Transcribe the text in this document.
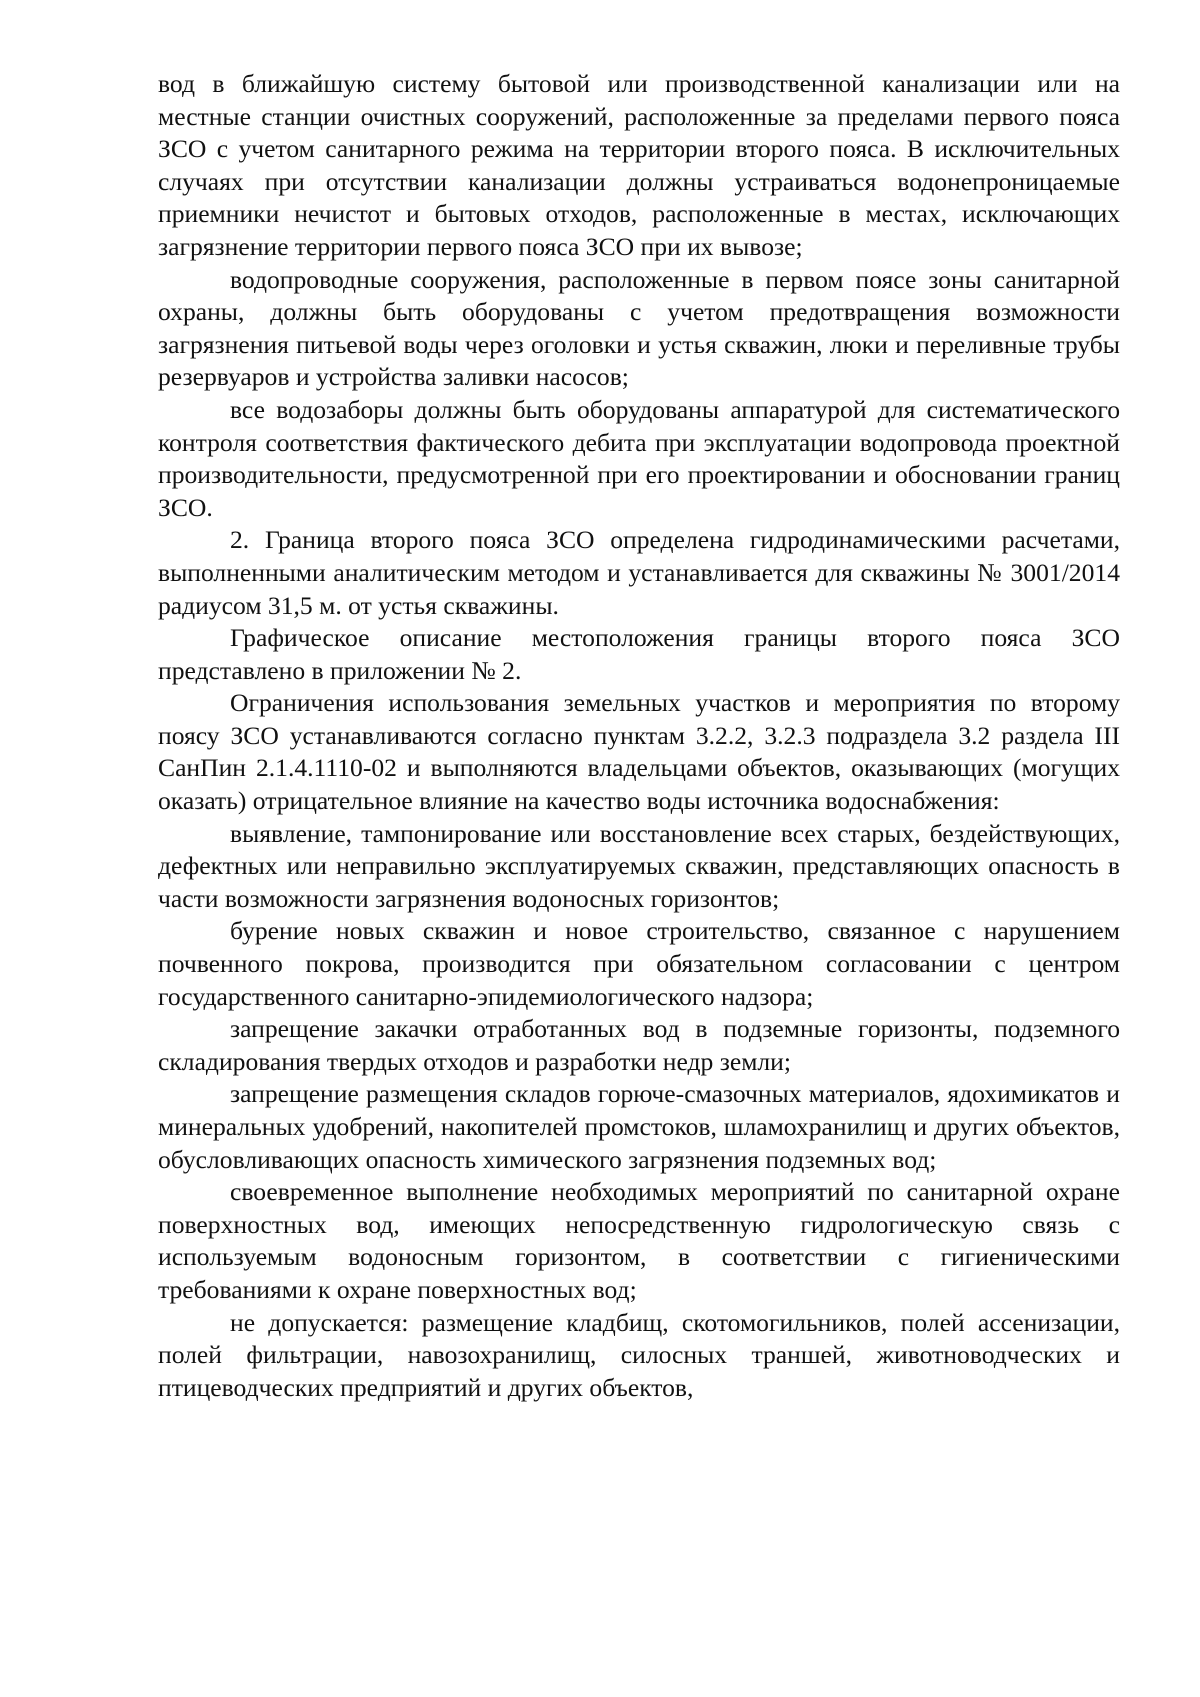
вод в ближайшую систему бытовой или производственной канализации или на местные станции очистных сооружений, расположенные за пределами первого пояса ЗСО с учетом санитарного режима на территории второго пояса. В исключительных случаях при отсутствии канализации должны устраиваться водонепроницаемые приемники нечистот и бытовых отходов, расположенные в местах, исключающих загрязнение территории первого пояса ЗСО при их вывозе;

водопроводные сооружения, расположенные в первом поясе зоны санитарной охраны, должны быть оборудованы с учетом предотвращения возможности загрязнения питьевой воды через оголовки и устья скважин, люки и переливные трубы резервуаров и устройства заливки насосов;

все водозаборы должны быть оборудованы аппаратурой для систематического контроля соответствия фактического дебита при эксплуатации водопровода проектной производительности, предусмотренной при его проектировании и обосновании границ ЗСО.

2. Граница второго пояса ЗСО определена гидродинамическими расчетами, выполненными аналитическим методом и устанавливается для скважины № 3001/2014 радиусом 31,5 м. от устья скважины.

Графическое описание местоположения границы второго пояса ЗСО представлено в приложении № 2.

Ограничения использования земельных участков и мероприятия по второму поясу ЗСО устанавливаются согласно пунктам 3.2.2, 3.2.3 подраздела 3.2 раздела III СанПин 2.1.4.1110-02 и выполняются владельцами объектов, оказывающих (могущих оказать) отрицательное влияние на качество воды источника водоснабжения:

выявление, тампонирование или восстановление всех старых, бездействующих, дефектных или неправильно эксплуатируемых скважин, представляющих опасность в части возможности загрязнения водоносных горизонтов;

бурение новых скважин и новое строительство, связанное с нарушением почвенного покрова, производится при обязательном согласовании с центром государственного санитарно-эпидемиологического надзора;

запрещение закачки отработанных вод в подземные горизонты, подземного складирования твердых отходов и разработки недр земли;

запрещение размещения складов горюче-смазочных материалов, ядохимикатов и минеральных удобрений, накопителей промстоков, шламохранилищ и других объектов, обусловливающих опасность химического загрязнения подземных вод;

своевременное выполнение необходимых мероприятий по санитарной охране поверхностных вод, имеющих непосредственную гидрологическую связь с используемым водоносным горизонтом, в соответствии с гигиеническими требованиями к охране поверхностных вод;

не допускается: размещение кладбищ, скотомогильников, полей ассенизации, полей фильтрации, навозохранилищ, силосных траншей, животноводческих и птицеводческих предприятий и других объектов,
